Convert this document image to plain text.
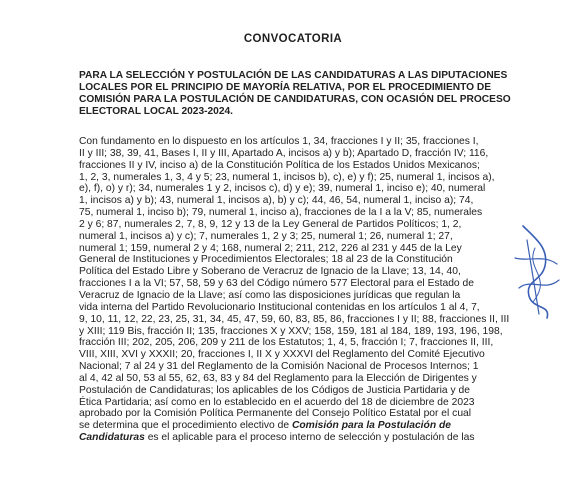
CONVOCATORIA
PARA LA SELECCIÓN Y POSTULACIÓN DE LAS CANDIDATURAS A LAS DIPUTACIONES
LOCALES POR EL PRINCIPIO DE MAYORÍA RELATIVA, POR EL PROCEDIMIENTO DE
COMISIÓN PARA LA POSTULACIÓN DE CANDIDATURAS, CON OCASIÓN DEL PROCESO
ELECTORAL LOCAL 2023-2024.
Con fundamento en lo dispuesto en los artículos 1, 34, fracciones I y II; 35, fracciones I,
II y III; 38, 39, 41, Bases I, II y III, Apartado A, incisos a) y b); Apartado D, fracción IV; 116,
fracciones II y IV, inciso a) de la Constitución Política de los Estados Unidos Mexicanos;
1, 2, 3, numerales 1, 3, 4 y 5; 23, numeral 1, incisos b), c), e) y f); 25, numeral 1, incisos a),
e), f), o) y r); 34, numerales 1 y 2, incisos c), d) y e); 39, numeral 1, inciso e); 40, numeral
1, incisos a) y b); 43, numeral 1, incisos a), b) y c); 44, 46, 54, numeral 1, inciso a); 74,
75, numeral 1, inciso b); 79, numeral 1, inciso a), fracciones de la I a la V; 85, numerales
2 y 6; 87, numerales 2, 7, 8, 9, 12 y 13 de la Ley General de Partidos Políticos; 1, 2,
numeral 1, incisos a) y c); 7, numerales 1, 2 y 3; 25, numeral 1; 26, numeral 1; 27,
numeral 1; 159, numeral 2 y 4; 168, numeral 2; 211, 212, 226 al 231 y 445 de la Ley
General de Instituciones y Procedimientos Electorales; 18 al 23 de la Constitución
Política del Estado Libre y Soberano de Veracruz de Ignacio de la Llave; 13, 14, 40,
fracciones I a la VI; 57, 58, 59 y 63 del Código número 577 Electoral para el Estado de
Veracruz de Ignacio de la Llave; así como las disposiciones jurídicas que regulan la
vida interna del Partido Revolucionario Institucional contenidas en los artículos 1 al 4, 7,
9, 10, 11, 12, 22, 23, 25, 31, 34, 45, 47, 59, 60, 83, 85, 86, fracciones I y II; 88, fracciones II, III
y XIII; 119 Bis, fracción II; 135, fracciones X y XXV; 158, 159, 181 al 184, 189, 193, 196, 198,
fracción III; 202, 205, 206, 209 y 211 de los Estatutos; 1, 4, 5, fracción I; 7, fracciones II, III,
VIII, XIII, XVI y XXXII; 20, fracciones I, II X y XXXVI del Reglamento del Comité Ejecutivo
Nacional; 7 al 24 y 31 del Reglamento de la Comisión Nacional de Procesos Internos; 1
al 4, 42 al 50, 53 al 55, 62, 63, 83 y 84 del Reglamento para la Elección de Dirigentes y
Postulación de Candidaturas; los aplicables de los Códigos de Justicia Partidaria y de
Ética Partidaria; así como en lo establecido en el acuerdo del 18 de diciembre de 2023
aprobado por la Comisión Política Permanente del Consejo Político Estatal por el cual
se determina que el procedimiento electivo de Comisión para la Postulación de
Candidaturas es el aplicable para el proceso interno de selección y postulación de las
